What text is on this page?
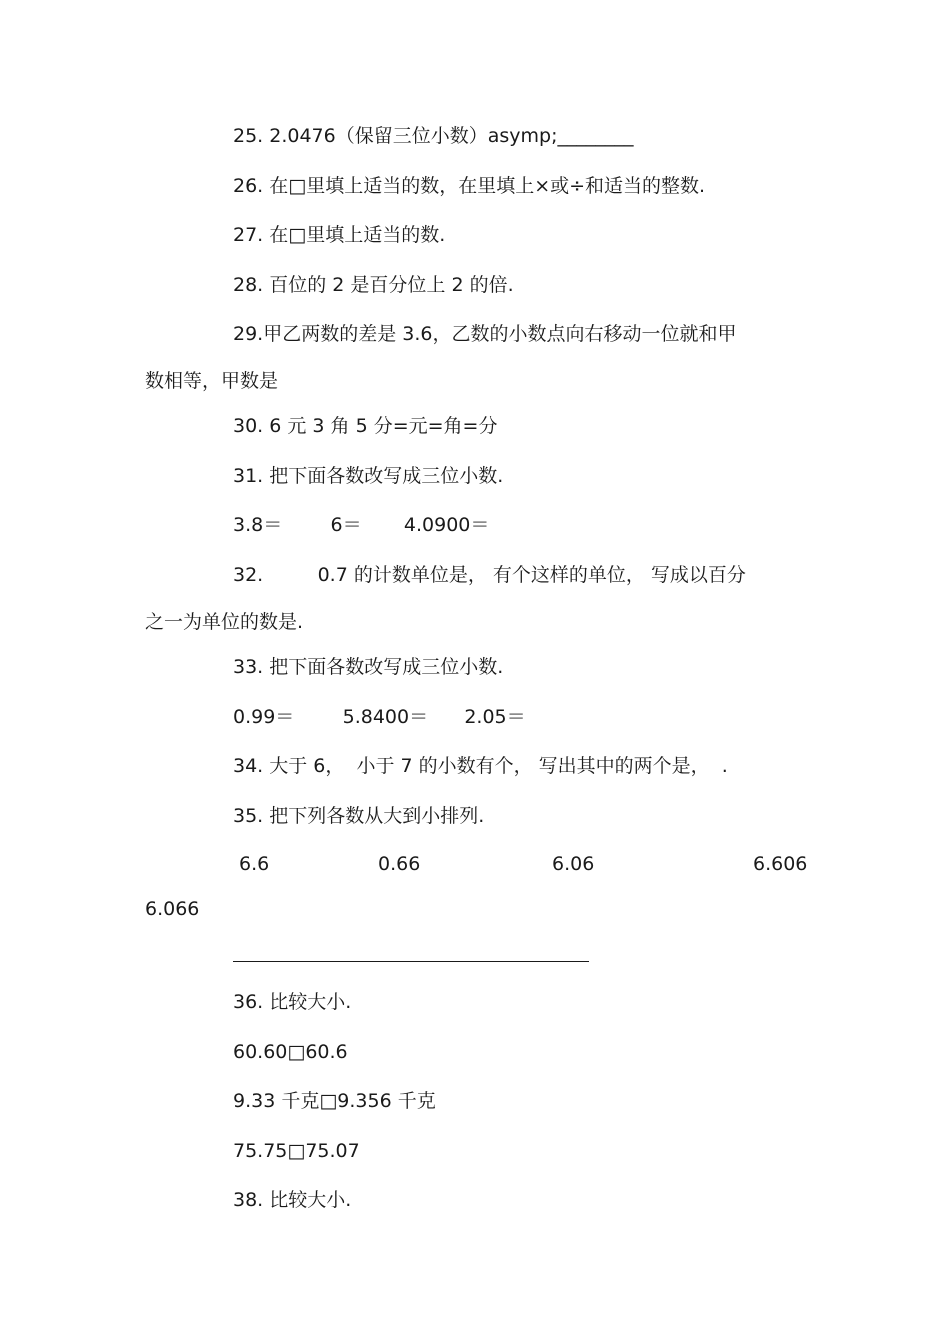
25. 2.0476（保留三位小数）asymp;________
26. 在□里填上适当的数，在里填上×或÷和适当的整数.
27. 在□里填上适当的数.
28. 百位的 2 是百分位上 2 的倍.
29.甲乙两数的差是 3.6，乙数的小数点向右移动一位就和甲
数相等，甲数是
30. 6 元 3 角 5 分=元=角=分
31. 把下面各数改写成三位小数.
3.8＝        6＝       4.0900＝
32.         0.7 的计数单位是， 有个这样的单位， 写成以百分
之一为单位的数是.
33. 把下面各数改写成三位小数.
0.99＝        5.8400＝      2.05＝
34. 大于 6，  小于 7 的小数有个， 写出其中的两个是，  .
35. 把下列各数从大到小排列.
6.6	0.66	6.06	6.606
6.066
36. 比较大小.
60.60□60.6
9.33 千克□9.356 千克
75.75□75.07
38. 比较大小.
